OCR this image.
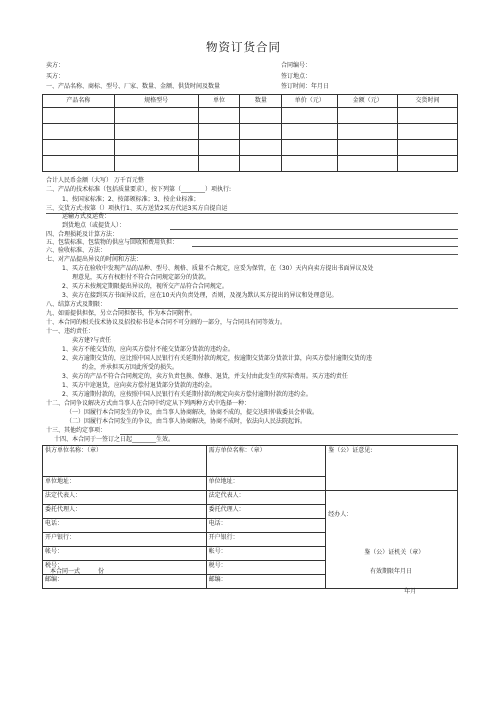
物资订货合同
卖方：
买方：
合同编号：
签订地点：
签订时间：年月日
一、产品名称、商标、型号、厂家、数量、金额、供货时间及数量
产品名称	规格型号	单位	数量	单价（元）	金额（元）	交货时间

合计人民币金额（大写） 万千百元整
二、产品的技术标准（包括质量要求），按下列第（________）项执行:
1、按国家标准；2、按部颁标准；3、按企业标准；
三、交货方式:按第（）项执行1、买方送货2买方代运3买方自提自运
运输方式及运费：
到货地点（或提货人）：
四、合理损耗及计算方法：
五、包装标准、包装物的供应与回收和费用负担：
六、验收标准、方法：
七、对产品提出异议的时间和方法：
1、买方在验收中发现产品的品种、型号、规格、质量不合规定，应妥为保管，在（30）天内向卖方提出书面异议及处
理意见，买方有权拒付不符合合同规定部分的货款。
2、买方未按规定期限提出异议的，视所交产品符合合同规定。
3、卖方在接到买方书面异议后，应在10天内负责处理，否则，及视为默认买方提出的异议和处理意见。
八、结算方式及期限：
九、如需提供担保，另立合同担保书，作为本合同附件。
十、本合同的相关技术协议及招投标书是本合同不可分割的一部分，与合同具有同等效力。
十一、违约责任：
卖方建?与责任
1、卖方不能交货的，应向买方偿付不能交货部分货款的违约金。
2、卖方逾期交货的，应比照中国人民银行有关延期付款的规定，按逾期交货部分货款计算，向买方偿付逾期交货的违
约金，并承担买方因此所受的损失。
3、卖方的产品不符合合同规定的，卖方负责包换、保修、退货，并支付由此发生的实际费用。买方违约责任
1、买方中途退货，应向卖方偿付退货部分货款的违约金。
2、买方逾期付款的，应按照中国人民银行有关延期付款的规定向卖方偿付逾期付款的违约金。
十二、合同争议解决方式由当事人在合同中约定从下列两种方式中选择一种：
（一）因履行本合同发生的争议，由当事人协商解决，协商不成的，提交达阳仲裁委员会仲裁。
（二）因履行本合同发生的争议，由当事人协商解决，协商不成时，依法向人民法院起诉。
十三、其他约定事项：
十四、本合同于一签订之日起________生效。
供方单位名称：（章）	需方单位名称：（章）	鉴（公）证意见:
单位地址：	单位地址：	
法定代表人：	法定代表人：	经办人：
鉴（公）证机关（章）
年月

委托代理人：	委托代理人：	
电话：	电话：	
开户银行：	开户银行：	
帐号：	帐号：	
税号：	税号：	
邮编：	邮编：	
本合同一式______份	有效期限年月日
